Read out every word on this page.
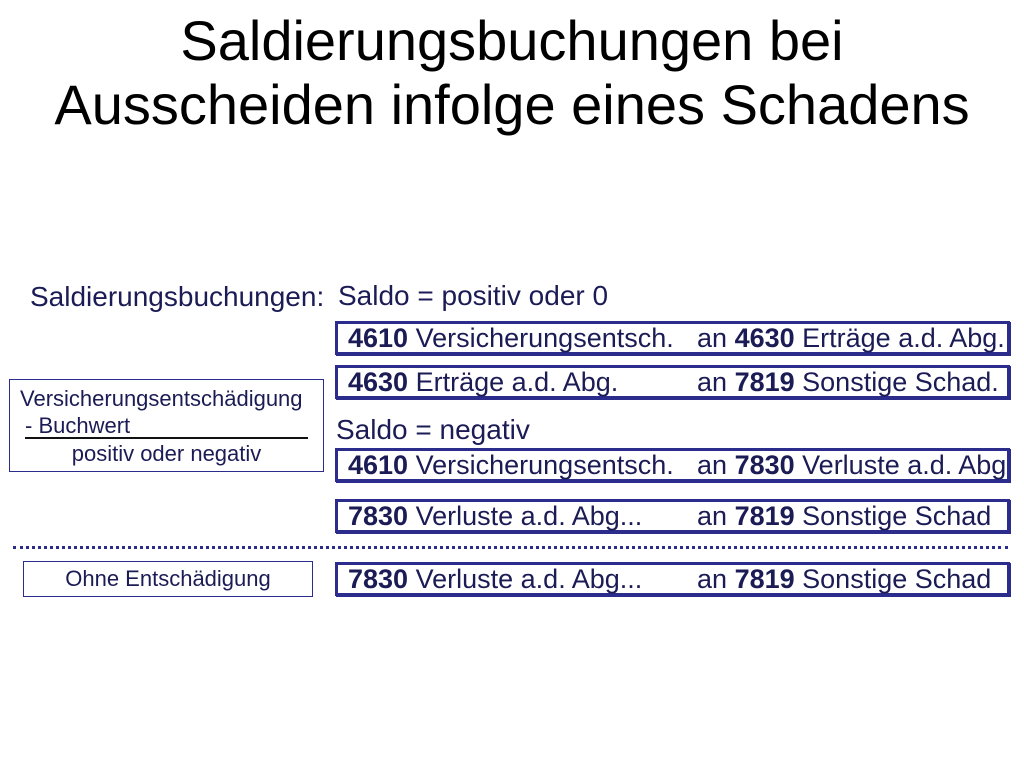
Saldierungsbuchungen bei
Ausscheiden infolge eines Schadens
Saldierungsbuchungen: Saldo = positiv oder 0
Saldo = negativ
4610 Versicherungsentsch. an 4630 Erträge a.d. Abg.
4630 Erträge a.d. Abg.	an 7819 Sonstige Schad.
Versicherungsentschädigung
- Buchwert
positiv oder negativ	4610 Versicherungsentsch. an 7830 Verluste a.d. Abg
7830 Verluste a.d. Abg... an 7819 Sonstige Schad
Ohne Entschädigung	7830 Verluste a.d. Abg... an 7819 Sonstige Schad
